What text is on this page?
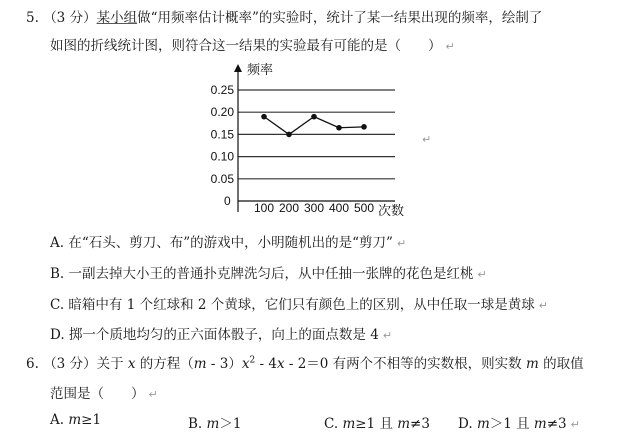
5. （3 分）某小组做“用频率估计概率”的实验时，统计了某一结果出现的频率，绘制了
如图的折线统计图，则符合这一结果的实验最有可能的是（　　） ↵
频率
次数
0
0.25
0.20
0.15
0.10
0.05
100 200 300 400 500
↵
A. 在“石头、剪刀、布”的游戏中，小明随机出的是“剪刀” ↵
B. 一副去掉大小王的普通扑克牌洗匀后，从中任抽一张牌的花色是红桃 ↵
C. 暗箱中有 1 个红球和 2 个黄球，它们只有颜色上的区别，从中任取一球是黄球 ↵
D. 掷一个质地均匀的正六面体骰子，向上的面点数是 4 ↵
6. （3 分）关于 x 的方程$(m - 3)x^2 - 4x - 2=0$ 有两个不相等的实数根，则实数 m 的取值
范围是（　　） ↵
A. m≥1	B. m＞1	C. m≥1 且 m≠3 D. m＞1 且 m≠3 ↵
